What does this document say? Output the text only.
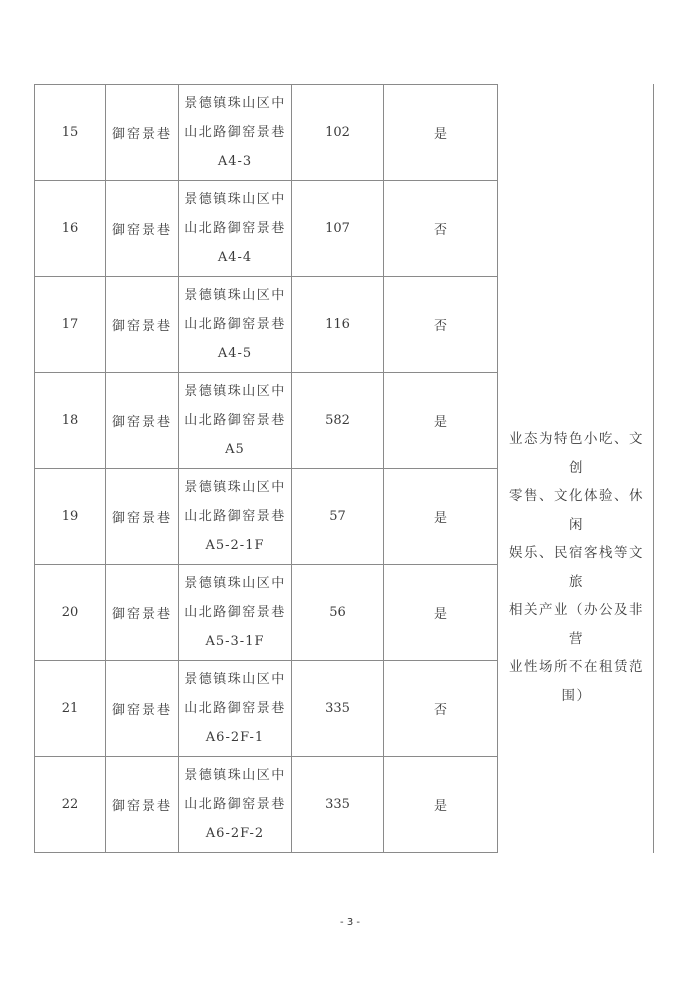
15	御窑景巷	景德镇珠山区中
山北路御窑景巷
A4-3	102	是
16	御窑景巷	景德镇珠山区中
山北路御窑景巷
A4-4	107	否
17	御窑景巷	景德镇珠山区中
山北路御窑景巷
A4-5	116	否
18	御窑景巷	景德镇珠山区中
山北路御窑景巷
A5	582	是
19	御窑景巷	景德镇珠山区中
山北路御窑景巷
A5-2-1F	57	是
20	御窑景巷	景德镇珠山区中
山北路御窑景巷
A5-3-1F	56	是
21	御窑景巷	景德镇珠山区中
山北路御窑景巷
A6-2F-1	335	否
22	御窑景巷	景德镇珠山区中
山北路御窑景巷
A6-2F-2	335	是
业态为特色小吃、文创
零售、文化体验、休闲
娱乐、民宿客栈等文旅
相关产业（办公及非营
业性场所不在租赁范
围）
- 3 -
